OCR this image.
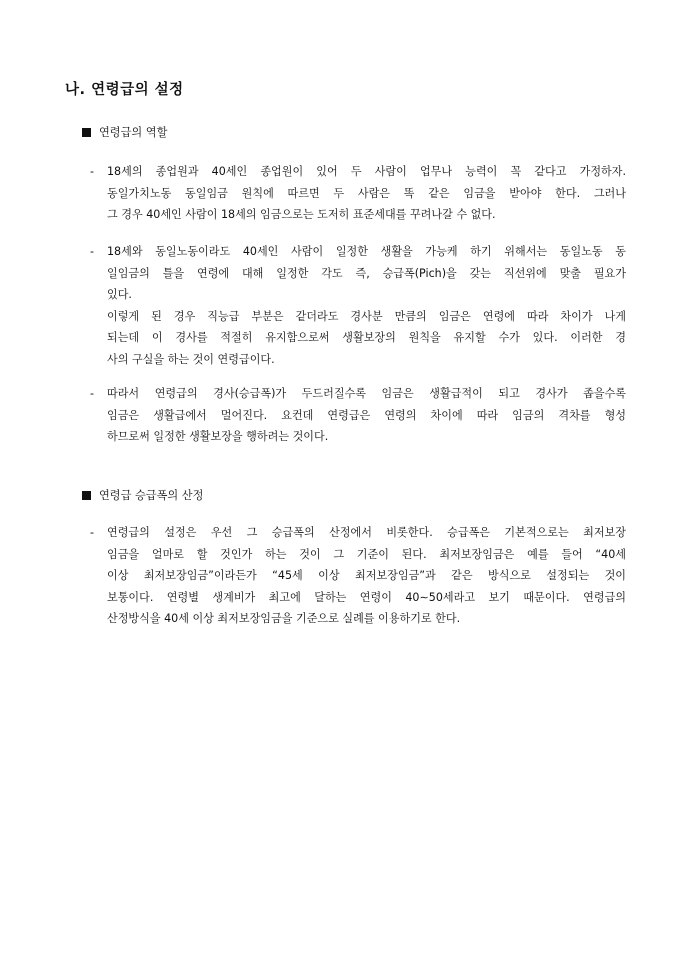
나. 연령급의 설정
연령급의 역할
- 18세의 종업원과 40세인 종업원이 있어 두 사람이 업무나 능력이 꼭 같다고 가정하자.
동일가치노동 동일임금 원칙에 따르면 두 사람은 똑 같은 임금을 받아야 한다. 그러나
그 경우 40세인 사람이 18세의 임금으로는 도저히 표준세대를 꾸려나갈 수 없다.
- 18세와 동일노동이라도 40세인 사람이 일정한 생활을 가능케 하기 위해서는 동일노동 동
일임금의 틀을 연령에 대해 일정한 각도 즉, 승급폭(Pich)을 갖는 직선위에 맞출 필요가
있다.
이렇게 된 경우 직능급 부분은 같더라도 경사분 만큼의 임금은 연령에 따라 차이가 나게
되는데 이 경사를 적절히 유지함으로써 생활보장의 원칙을 유지할 수가 있다. 이러한 경
사의 구실을 하는 것이 연령급이다.
- 따라서 연령급의 경사(승급폭)가 두드러질수록 임금은 생활급적이 되고 경사가 좁을수록
임금은 생활급에서 멀어진다. 요컨데 연령급은 연령의 차이에 따라 임금의 격차를 형성
하므로써 일정한 생활보장을 행하려는 것이다.
연령급 승급폭의 산정
- 연령급의 설정은 우선 그 승급폭의 산정에서 비롯한다. 승급폭은 기본적으로는 최저보장
임금을 얼마로 할 것인가 하는 것이 그 기준이 된다. 최저보장임금은 예를 들어 “40세
이상 최저보장임금”이라든가 “45세 이상 최저보장임금”과 같은 방식으로 설정되는 것이
보통이다. 연령별 생계비가 최고에 달하는 연령이 40∼50세라고 보기 때문이다. 연령급의
산정방식을 40세 이상 최저보장임금을 기준으로 실례를 이용하기로 한다.
